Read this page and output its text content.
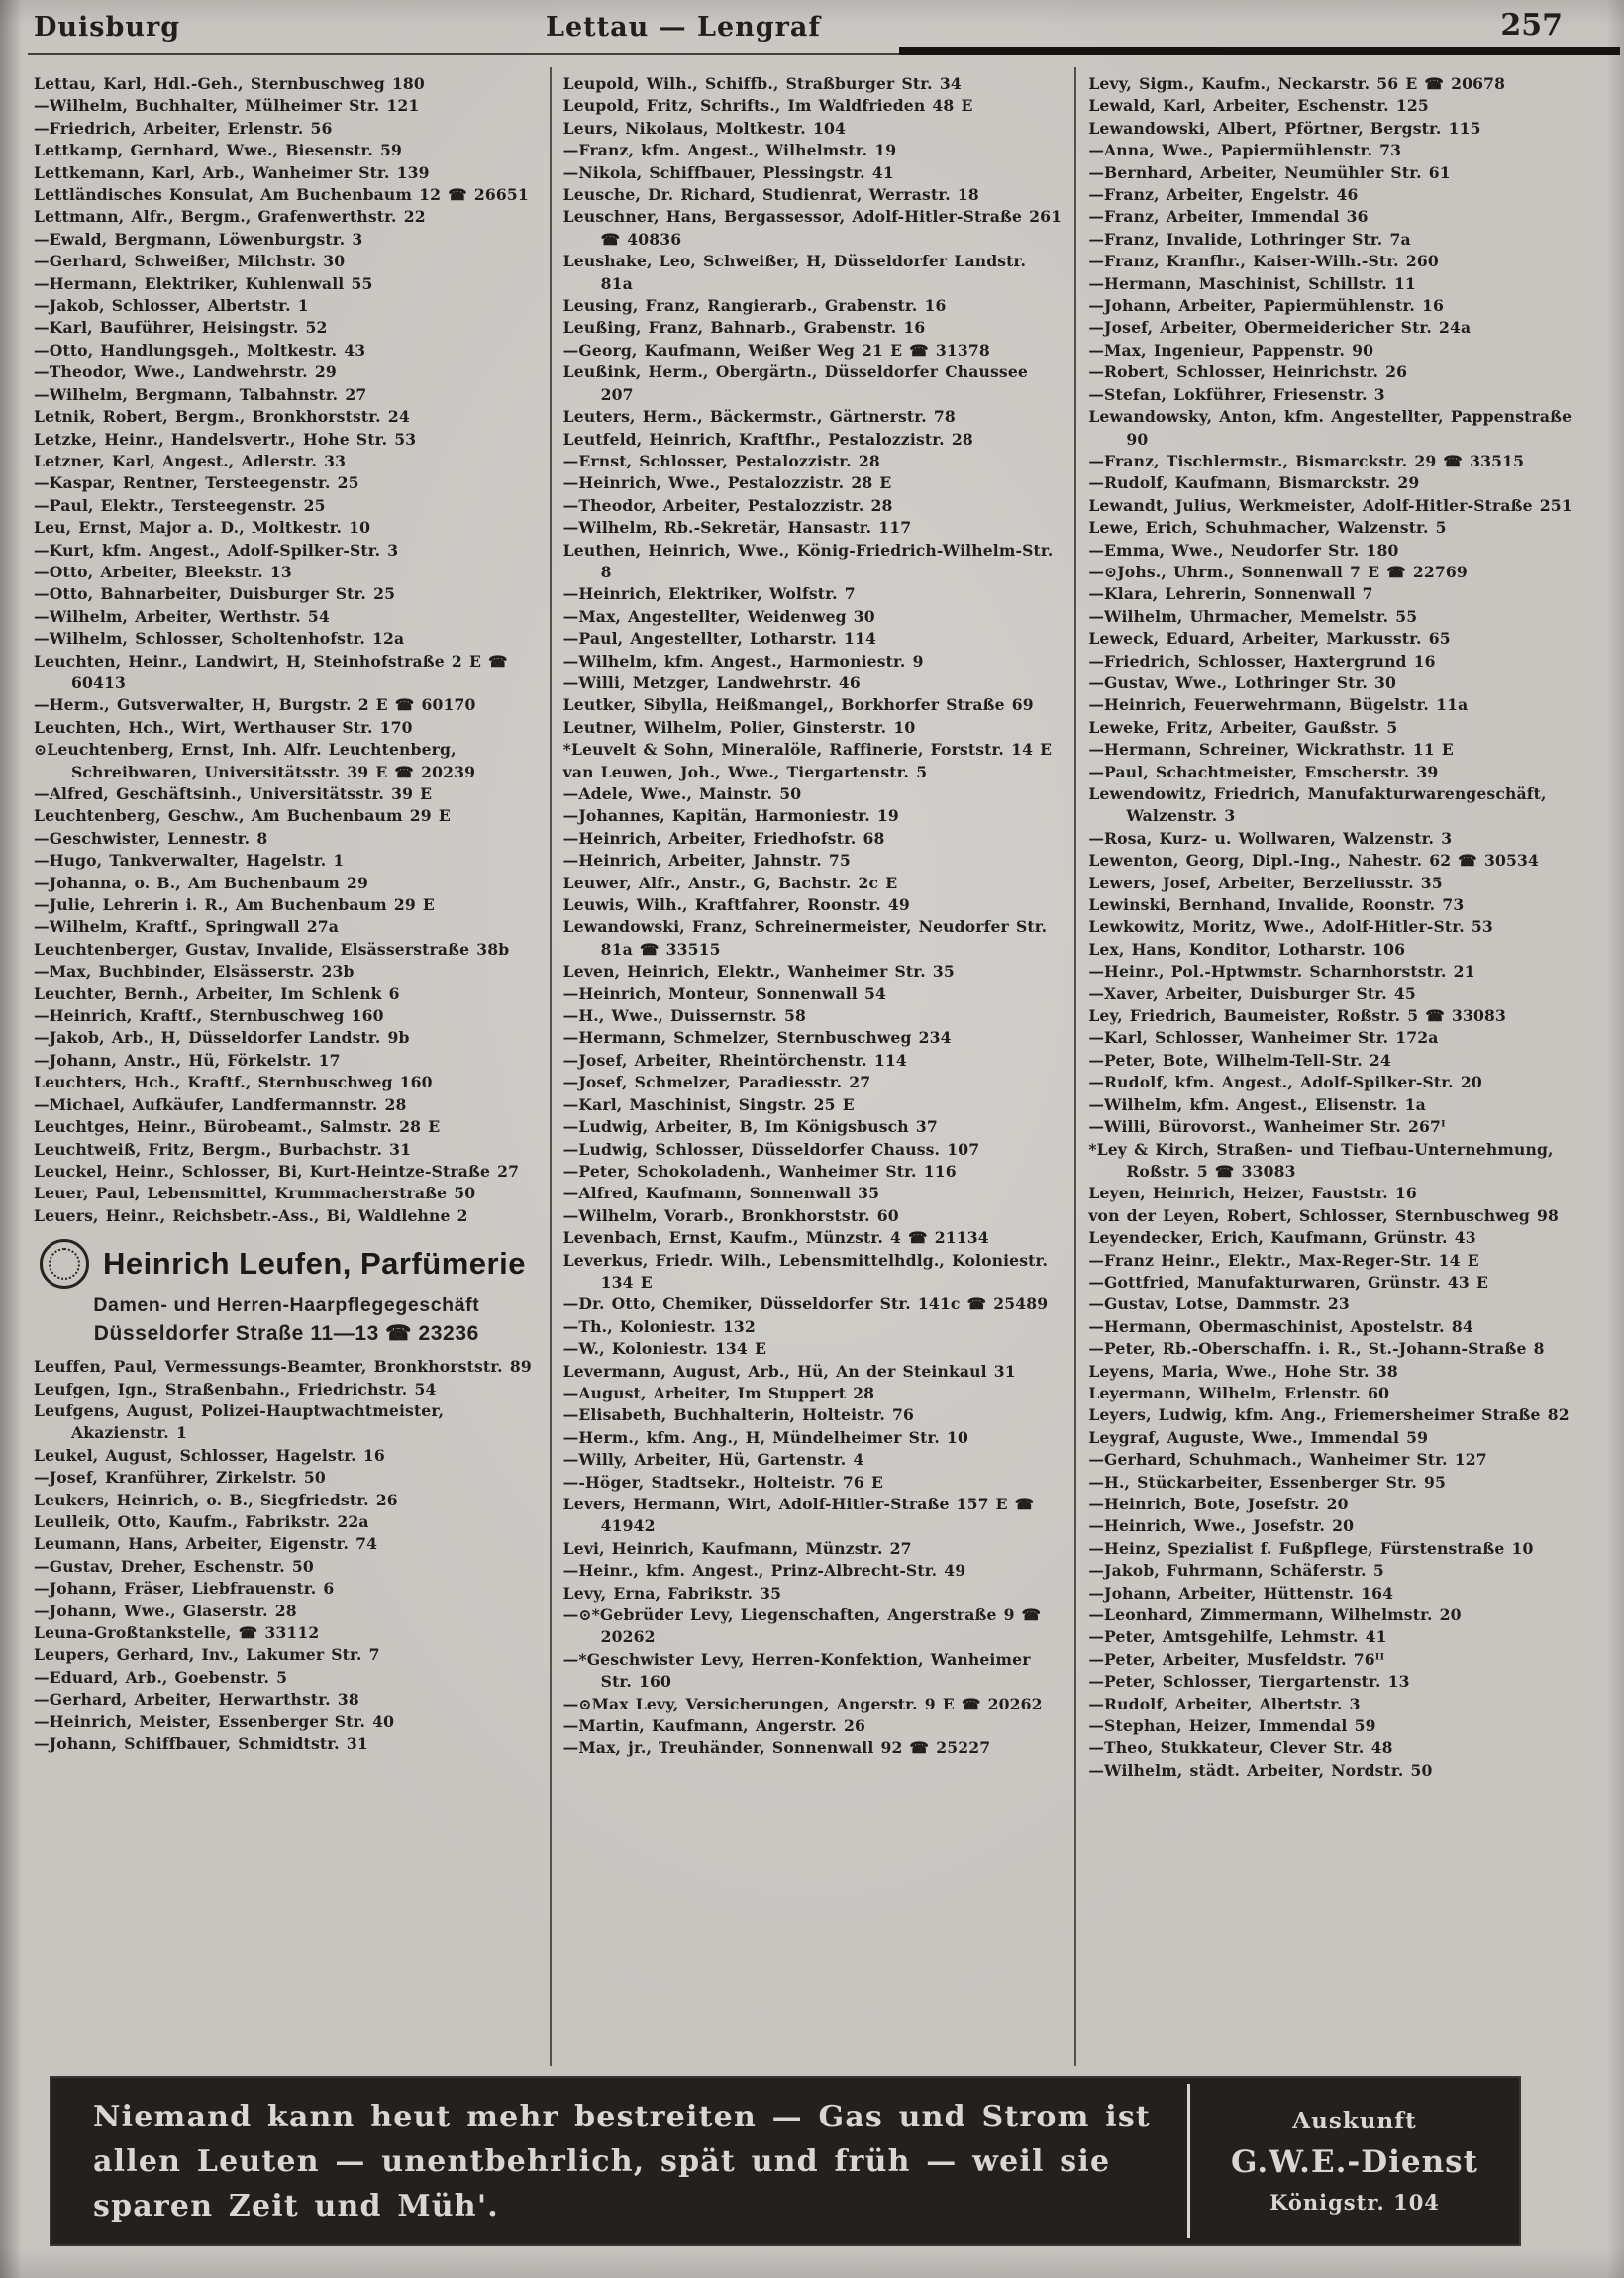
Duisburg	Lettau — Lengraf	257
Lettau, Karl, Hdl.-Geh., Sternbuschweg 180
—Wilhelm, Buchhalter, Mülheimer Str. 121
—Friedrich, Arbeiter, Erlenstr. 56
Lettkamp, Gernhard, Wwe., Biesenstr. 59
Lettkemann, Karl, Arb., Wanheimer Str. 139
Lettländisches Konsulat, Am Buchenbaum 12 ☎ 26651
Lettmann, Alfr., Bergm., Grafenwerthstr. 22
—Ewald, Bergmann, Löwenburgstr. 3
—Gerhard, Schweißer, Milchstr. 30
—Hermann, Elektriker, Kuhlenwall 55
—Jakob, Schlosser, Albertstr. 1
—Karl, Bauführer, Heisingstr. 52
—Otto, Handlungsgeh., Moltkestr. 43
—Theodor, Wwe., Landwehrstr. 29
—Wilhelm, Bergmann, Talbahnstr. 27
Letnik, Robert, Bergm., Bronkhorststr. 24
Letzke, Heinr., Handelsvertr., Hohe Str. 53
Letzner, Karl, Angest., Adlerstr. 33
—Kaspar, Rentner, Tersteegenstr. 25
—Paul, Elektr., Tersteegenstr. 25
Leu, Ernst, Major a. D., Moltkestr. 10
—Kurt, kfm. Angest., Adolf-Spilker-Str. 3
—Otto, Arbeiter, Bleekstr. 13
—Otto, Bahnarbeiter, Duisburger Str. 25
—Wilhelm, Arbeiter, Werthstr. 54
—Wilhelm, Schlosser, Scholtenhofstr. 12a
Leuchten, Heinr., Landwirt, H, Steinhofstraße 2 E ☎ 60413
—Herm., Gutsverwalter, H, Burgstr. 2 E ☎ 60170
Leuchten, Hch., Wirt, Werthauser Str. 170
⊙Leuchtenberg, Ernst, Inh. Alfr. Leuchtenberg, Schreibwaren, Universitätsstr. 39 E ☎ 20239
—Alfred, Geschäftsinh., Universitätsstr. 39 E
Leuchtenberg, Geschw., Am Buchenbaum 29 E
—Geschwister, Lennestr. 8
—Hugo, Tankverwalter, Hagelstr. 1
—Johanna, o. B., Am Buchenbaum 29
—Julie, Lehrerin i. R., Am Buchenbaum 29 E
—Wilhelm, Kraftf., Springwall 27a
Leuchtenberger, Gustav, Invalide, Elsässerstraße 38b
—Max, Buchbinder, Elsässerstr. 23b
Leuchter, Bernh., Arbeiter, Im Schlenk 6
—Heinrich, Kraftf., Sternbuschweg 160
—Jakob, Arb., H, Düsseldorfer Landstr. 9b
—Johann, Anstr., Hü, Förkelstr. 17
Leuchters, Hch., Kraftf., Sternbuschweg 160
—Michael, Aufkäufer, Landfermannstr. 28
Leuchtges, Heinr., Bürobeamt., Salmstr. 28 E
Leuchtweiß, Fritz, Bergm., Burbachstr. 31
Leuckel, Heinr., Schlosser, Bi, Kurt-Heintze-Straße 27
Leuer, Paul, Lebensmittel, Krummacherstraße 50
Leuers, Heinr., Reichsbetr.-Ass., Bi, Waldlehne 2
Heinrich Leufen, Parfümerie
Damen- und Herren-Haarpflegegeschäft
Düsseldorfer Straße 11—13 ☎ 23236
Leuffen, Paul, Vermessungs-Beamter, Bronkhorststr. 89
Leufgen, Ign., Straßenbahn., Friedrichstr. 54
Leufgens, August, Polizei-Hauptwachtmeister, Akazienstr. 1
Leukel, August, Schlosser, Hagelstr. 16
—Josef, Kranführer, Zirkelstr. 50
Leukers, Heinrich, o. B., Siegfriedstr. 26
Leulleik, Otto, Kaufm., Fabrikstr. 22a
Leumann, Hans, Arbeiter, Eigenstr. 74
—Gustav, Dreher, Eschenstr. 50
—Johann, Fräser, Liebfrauenstr. 6
—Johann, Wwe., Glaserstr. 28
Leuna-Großtankstelle, ☎ 33112
Leupers, Gerhard, Inv., Lakumer Str. 7
—Eduard, Arb., Goebenstr. 5
—Gerhard, Arbeiter, Herwarthstr. 38
—Heinrich, Meister, Essenberger Str. 40
—Johann, Schiffbauer, Schmidtstr. 31
Leupold, Wilh., Schiffb., Straßburger Str. 34
Leupold, Fritz, Schrifts., Im Waldfrieden 48 E
Leurs, Nikolaus, Moltkestr. 104
—Franz, kfm. Angest., Wilhelmstr. 19
—Nikola, Schiffbauer, Plessingstr. 41
Leusche, Dr. Richard, Studienrat, Werrastr. 18
Leuschner, Hans, Bergassessor, Adolf-Hitler-Straße 261 ☎ 40836
Leushake, Leo, Schweißer, H, Düsseldorfer Landstr. 81a
Leusing, Franz, Rangierarb., Grabenstr. 16
Leußing, Franz, Bahnarb., Grabenstr. 16
—Georg, Kaufmann, Weißer Weg 21 E ☎ 31378
Leußink, Herm., Obergärtn., Düsseldorfer Chaussee 207
Leuters, Herm., Bäckermstr., Gärtnerstr. 78
Leutfeld, Heinrich, Kraftfhr., Pestalozzistr. 28
—Ernst, Schlosser, Pestalozzistr. 28
—Heinrich, Wwe., Pestalozzistr. 28 E
—Theodor, Arbeiter, Pestalozzistr. 28
—Wilhelm, Rb.-Sekretär, Hansastr. 117
Leuthen, Heinrich, Wwe., König-Friedrich-Wilhelm-Str. 8
—Heinrich, Elektriker, Wolfstr. 7
—Max, Angestellter, Weidenweg 30
—Paul, Angestellter, Lotharstr. 114
—Wilhelm, kfm. Angest., Harmoniestr. 9
—Willi, Metzger, Landwehrstr. 46
Leutker, Sibylla, Heißmangel,, Borkhorfer Straße 69
Leutner, Wilhelm, Polier, Ginsterstr. 10
*Leuvelt & Sohn, Mineralöle, Raffinerie, Forststr. 14 E
van Leuwen, Joh., Wwe., Tiergartenstr. 5
—Adele, Wwe., Mainstr. 50
—Johannes, Kapitän, Harmoniestr. 19
—Heinrich, Arbeiter, Friedhofstr. 68
—Heinrich, Arbeiter, Jahnstr. 75
Leuwer, Alfr., Anstr., G, Bachstr. 2c E
Leuwis, Wilh., Kraftfahrer, Roonstr. 49
Lewandowski, Franz, Schreinermeister, Neudorfer Str. 81a ☎ 33515
Leven, Heinrich, Elektr., Wanheimer Str. 35
—Heinrich, Monteur, Sonnenwall 54
—H., Wwe., Duissernstr. 58
—Hermann, Schmelzer, Sternbuschweg 234
—Josef, Arbeiter, Rheintörchenstr. 114
—Josef, Schmelzer, Paradiesstr. 27
—Karl, Maschinist, Singstr. 25 E
—Ludwig, Arbeiter, B, Im Königsbusch 37
—Ludwig, Schlosser, Düsseldorfer Chauss. 107
—Peter, Schokoladenh., Wanheimer Str. 116
—Alfred, Kaufmann, Sonnenwall 35
—Wilhelm, Vorarb., Bronkhorststr. 60
Levenbach, Ernst, Kaufm., Münzstr. 4 ☎ 21134
Leverkus, Friedr. Wilh., Lebensmittelhdlg., Koloniestr. 134 E
—Dr. Otto, Chemiker, Düsseldorfer Str. 141c ☎ 25489
—Th., Koloniestr. 132
—W., Koloniestr. 134 E
Levermann, August, Arb., Hü, An der Steinkaul 31
—August, Arbeiter, Im Stuppert 28
—Elisabeth, Buchhalterin, Holteistr. 76
—Herm., kfm. Ang., H, Mündelheimer Str. 10
—Willy, Arbeiter, Hü, Gartenstr. 4
—-Höger, Stadtsekr., Holteistr. 76 E
Levers, Hermann, Wirt, Adolf-Hitler-Straße 157 E ☎ 41942
Levi, Heinrich, Kaufmann, Münzstr. 27
—Heinr., kfm. Angest., Prinz-Albrecht-Str. 49
Levy, Erna, Fabrikstr. 35
—⊙*Gebrüder Levy, Liegenschaften, Angerstraße 9 ☎ 20262
—*Geschwister Levy, Herren-Konfektion, Wanheimer Str. 160
—⊙Max Levy, Versicherungen, Angerstr. 9 E ☎ 20262
—Martin, Kaufmann, Angerstr. 26
—Max, jr., Treuhänder, Sonnenwall 92 ☎ 25227
Levy, Sigm., Kaufm., Neckarstr. 56 E ☎ 20678
Lewald, Karl, Arbeiter, Eschenstr. 125
Lewandowski, Albert, Pförtner, Bergstr. 115
—Anna, Wwe., Papiermühlenstr. 73
—Bernhard, Arbeiter, Neumühler Str. 61
—Franz, Arbeiter, Engelstr. 46
—Franz, Arbeiter, Immendal 36
—Franz, Invalide, Lothringer Str. 7a
—Franz, Kranfhr., Kaiser-Wilh.-Str. 260
—Hermann, Maschinist, Schillstr. 11
—Johann, Arbeiter, Papiermühlenstr. 16
—Josef, Arbeiter, Obermeidericher Str. 24a
—Max, Ingenieur, Pappenstr. 90
—Robert, Schlosser, Heinrichstr. 26
—Stefan, Lokführer, Friesenstr. 3
Lewandowsky, Anton, kfm. Angestellter, Pappenstraße 90
—Franz, Tischlermstr., Bismarckstr. 29 ☎ 33515
—Rudolf, Kaufmann, Bismarckstr. 29
Lewandt, Julius, Werkmeister, Adolf-Hitler-Straße 251
Lewe, Erich, Schuhmacher, Walzenstr. 5
—Emma, Wwe., Neudorfer Str. 180
—⊙Johs., Uhrm., Sonnenwall 7 E ☎ 22769
—Klara, Lehrerin, Sonnenwall 7
—Wilhelm, Uhrmacher, Memelstr. 55
Leweck, Eduard, Arbeiter, Markusstr. 65
—Friedrich, Schlosser, Haxtergrund 16
—Gustav, Wwe., Lothringer Str. 30
—Heinrich, Feuerwehrmann, Bügelstr. 11a
Leweke, Fritz, Arbeiter, Gaußstr. 5
—Hermann, Schreiner, Wickrathstr. 11 E
—Paul, Schachtmeister, Emscherstr. 39
Lewendowitz, Friedrich, Manufakturwarengeschäft, Walzenstr. 3
—Rosa, Kurz- u. Wollwaren, Walzenstr. 3
Lewenton, Georg, Dipl.-Ing., Nahestr. 62 ☎ 30534
Lewers, Josef, Arbeiter, Berzeliusstr. 35
Lewinski, Bernhand, Invalide, Roonstr. 73
Lewkowitz, Moritz, Wwe., Adolf-Hitler-Str. 53
Lex, Hans, Konditor, Lotharstr. 106
—Heinr., Pol.-Hptwmstr. Scharnhorststr. 21
—Xaver, Arbeiter, Duisburger Str. 45
Ley, Friedrich, Baumeister, Roßstr. 5 ☎ 33083
—Karl, Schlosser, Wanheimer Str. 172a
—Peter, Bote, Wilhelm-Tell-Str. 24
—Rudolf, kfm. Angest., Adolf-Spilker-Str. 20
—Wilhelm, kfm. Angest., Elisenstr. 1a
—Willi, Bürovorst., Wanheimer Str. 267ᴵ
*Ley & Kirch, Straßen- und Tiefbau-Unternehmung, Roßstr. 5 ☎ 33083
Leyen, Heinrich, Heizer, Fauststr. 16
von der Leyen, Robert, Schlosser, Sternbuschweg 98
Leyendecker, Erich, Kaufmann, Grünstr. 43
—Franz Heinr., Elektr., Max-Reger-Str. 14 E
—Gottfried, Manufakturwaren, Grünstr. 43 E
—Gustav, Lotse, Dammstr. 23
—Hermann, Obermaschinist, Apostelstr. 84
—Peter, Rb.-Oberschaffn. i. R., St.-Johann-Straße 8
Leyens, Maria, Wwe., Hohe Str. 38
Leyermann, Wilhelm, Erlenstr. 60
Leyers, Ludwig, kfm. Ang., Friemersheimer Straße 82
Leygraf, Auguste, Wwe., Immendal 59
—Gerhard, Schuhmach., Wanheimer Str. 127
—H., Stückarbeiter, Essenberger Str. 95
—Heinrich, Bote, Josefstr. 20
—Heinrich, Wwe., Josefstr. 20
—Heinz, Spezialist f. Fußpflege, Fürstenstraße 10
—Jakob, Fuhrmann, Schäferstr. 5
—Johann, Arbeiter, Hüttenstr. 164
—Leonhard, Zimmermann, Wilhelmstr. 20
—Peter, Amtsgehilfe, Lehmstr. 41
—Peter, Arbeiter, Musfeldstr. 76ᴵᴵ
—Peter, Schlosser, Tiergartenstr. 13
—Rudolf, Arbeiter, Albertstr. 3
—Stephan, Heizer, Immendal 59
—Theo, Stukkateur, Clever Str. 48
—Wilhelm, städt. Arbeiter, Nordstr. 50
Niemand kann heut mehr bestreiten — Gas und Strom ist
allen Leuten — unentbehrlich, spät und früh — weil sie
sparen Zeit und Müh'.
Auskunft
G.W.E.-Dienst
Königstr. 104
